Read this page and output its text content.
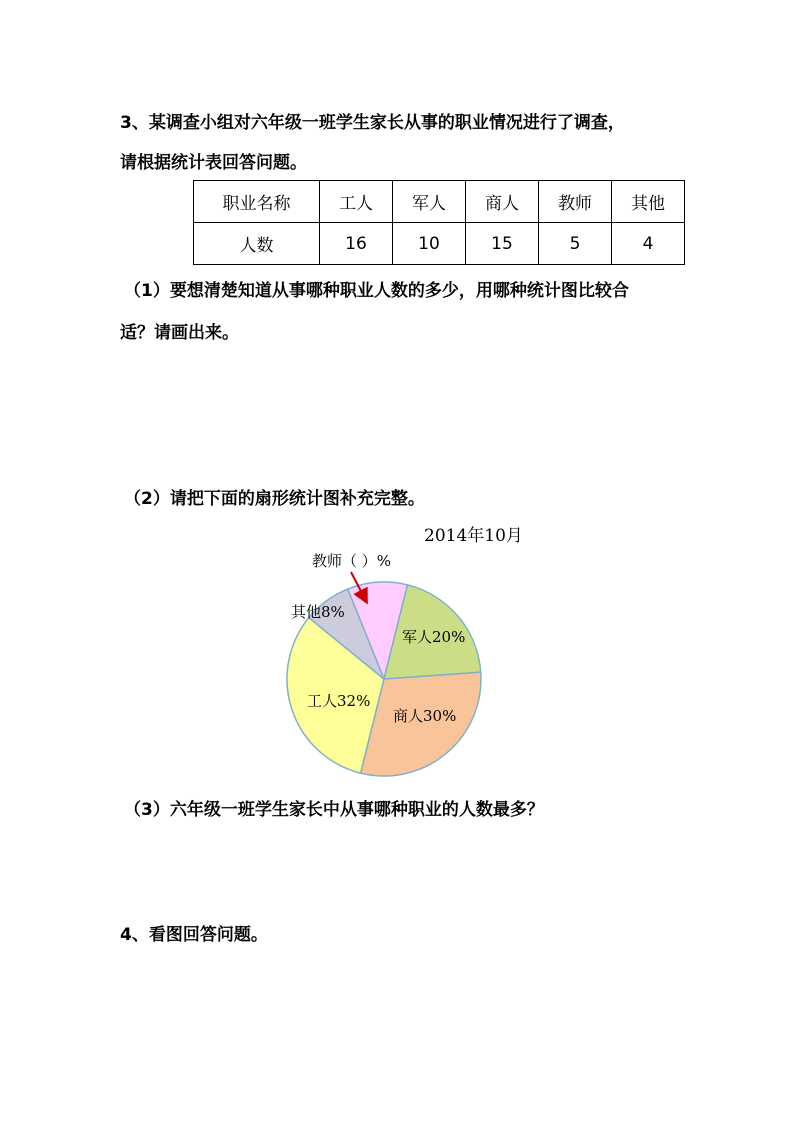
3、某调查小组对六年级一班学生家长从事的职业情况进行了调查，
请根据统计表回答问题。
职业名称	工人	军人	商人	教师	其他
人数	16	10	15	5	4
（1）要想清楚知道从事哪种职业人数的多少，用哪种统计图比较合
适？请画出来。
（2）请把下面的扇形统计图补充完整。
2014年10月
教师（ ）%
军人20%
商人30%
工人32%
其他8%
（3）六年级一班学生家长中从事哪种职业的人数最多？
4、看图回答问题。
